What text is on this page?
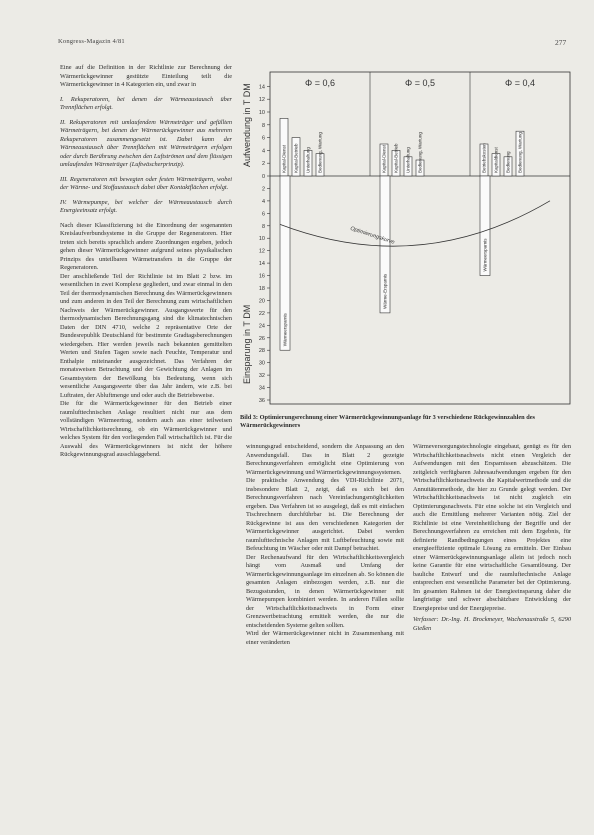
Kongress-Magazin 4/81	277

Eine auf die Definition in der Richtlinie zur Berechnung der Wärmerückgewinner gestützte Einteilung teilt die Wärmerückgewinner in 4 Kategorien ein, und zwar in

I. Rekuperatoren, bei denen der Wärmeaustausch über Trennflächen erfolgt.

II. Rekuperatoren mit umlaufendem Wärmeträger und gefüllten Wärmeträgern, bei denen der Wärmerückgewinner aus mehreren Rekuperatoren zusammengesetzt ist. Dabei kann der Wärmeaustausch über Trennflächen mit Wärmeträgern erfolgen oder durch Berührung zwischen den Luftströmen und dem flüssigen umlaufenden Wärmeträger (Luftwäscherprinzip).

III. Regeneratoren mit bewegten oder festen Wärmeträgern, wobei der Wärme- und Stoffaustausch dabei über Kontaktflächen erfolgt.

IV. Wärmepumpe, bei welcher der Wärmeaustausch durch Energieeinsatz erfolgt.

Nach dieser Klassifizierung ist die Einordnung der sogenannten Kreislaufverbundsysteme in die Gruppe der Regeneratoren. Hier treten sich bereits sprachlich andere Zuordnungen ergeben, jedoch gehen dieser Wärmerückgewinner aufgrund seines physikalischen Prinzips des unteilbaren Wärmetransfers in die Gruppe der Regeneratoren.

Der anschließende Teil der Richtlinie ist im Blatt 2 bzw. im wesentlichen in zwei Komplexe gegliedert, und zwar einmal in den Teil der thermodynamischen Berechnung des Wärmerückgewinners und zum anderen in den Teil der Berechnung zum wirtschaftlichen Nachweis der Wärmerückgewinner. Ausgangswerte für den thermodynamischen Berechnungsgang sind die klimatechnischen Daten der DIN 4710, welche 2 repräsentative Orte der Bundesrepublik Deutschland für bestimmte Gradtagsberechnungen wiedergeben. Hier werden jeweils nach bekannten gemittelten Werten und Stufen Tagen sowie nach Feuchte, Temperatur und Enthalpie miteinander ausgezeichnet. Das Verfahren der monatsweisen Betrachtung und der Gewichtung der Anlagen im Gesamtsystem der Bewölkung bis Bedeutung, wenn sich wesentliche Ausgangswerte über das Jahr ändern, wie z.B. bei Luftraten, der Abluftmenge und oder auch die Betriebsweise.

Die für die Wärmerückgewinner für den Betrieb einer raumlufttechnischen Anlage resultiert nicht nur aus dem vollständigen Wärmeertrag, sondern auch aus einer teilweisen Wirtschaftlichkeitsrechnung, ob ein Wärmerückgewinner und welches System für den vorliegenden Fall wirtschaftlich ist. Für die Auswahl des Wärmerückgewinners ist nicht der höhere Rückgewinnungsgrad ausschlaggebend.

14
12
10
8
6
4
2
0
2
4
6
8
10
12
14
16
18
20
22
24
26
28
30
32
34
36
Aufwendung in T DM
Einsparung in T DM
Φ = 0,6
Kapital-Dienst Kapital-Betrieb Unterhaltung Bedienung, Wartung
Wärmeersparnis
Φ = 0,5
Kapital-Dienst Kapital-Betrieb Unterhaltung Bedienung, Wartung
Wärme-Ersparnis
Φ = 0,4
Betriebskosten Kapitaldienst Bedienung Bedienung, Wartung
Wärmeersparnis
Optimierungskurve
Bild 3: Optimierungsrechnung einer Wärmerückgewinnungsanlage für 3 verschiedene Rückgewinnzahlen des Wärmerückgewinners

winnungsgrad entscheidend, sondern die Anpassung an den Anwendungsfall. Das in Blatt 2 gezeigte Berechnungsverfahren ermöglicht eine Optimierung von Wärmerückgewinnung und Wärmerückgewinnungssystemen.

Die praktische Anwendung des VDI-Richtlinie 2071, insbesondere Blatt 2, zeigt, daß es sich bei den Berechnungsverfahren nach Vereinfachungsmöglichkeiten ergeben. Das Verfahren ist so ausgelegt, daß es mit einfachen Tischrechnern durchführbar ist. Die Berechnung der Rückgewinne ist aus den verschiedenen Kategorien der Wärmerückgewinner ausgerichtet. Dabei werden raumlufttechnische Anlagen mit Luftbefeuchtung sowie mit Befeuchtung im Wäscher oder mit Dampf betrachtet.

Der Rechenaufwand für den Wirtschaftlichkeitsvergleich hängt vom Ausmaß und Umfang der Wärmerückgewinnungsanlage im einzelnen ab. So können die gesamten Anlagen einbezogen werden, z.B. nur die Bezugsstunden, in denen Wärmerückgewinner mit Wärmepumpen kombiniert werden. In anderen Fällen sollte der Wirtschaftlichkeitsnachweis in Form einer Grenzwertbetrachtung ermittelt werden, die nur die entscheidenden Systeme gelten sollten.

Wird der Wärmerückgewinner nicht in Zusammenhang mit einer veränderten

Wärmeversorgungstechnologie eingebaut, genügt es für den Wirtschaftlichkeitsnachweis nicht einen Vergleich der Aufwendungen mit den Ersparnissen abzuschätzen. Die zeitgleich verfügbaren Jahresaufwendungen ergeben für den Wirtschaftlichkeitsnachweis die Kapitalwertmethode und die Annuitätenmethode, die hier zu Grunde gelegt werden. Der Wirtschaftlichkeitsnachweis ist nicht zugleich ein Optimierungsnachweis. Für eine solche ist ein Vergleich und auch die Ermittlung mehrerer Varianten nötig. Ziel der Richtlinie ist eine Vereinheitlichung der Begriffe und der Berechnungsverfahren zu erreichen mit dem Ergebnis, für definierte Randbedingungen eines Projektes eine energieeffiziente optimale Lösung zu ermitteln. Der Einbau einer Wärmerückgewinnungsanlage allein ist jedoch noch keine Garantie für eine wirtschaftliche Gesamtlösung. Der bauliche Entwurf und die raumluftechnische Anlage entsprechen erst wesentliche Parameter bei der Optimierung. Im gesamten Rahmen ist der Energieeinsparung daher die langfristige und schwer abschätzbare Entwicklung der Energiepreise und der Energiepreise.

Verfasser: Dr.-Ing. H. Brockmeyer, Wachenaustraße 5, 6290 Gießen
